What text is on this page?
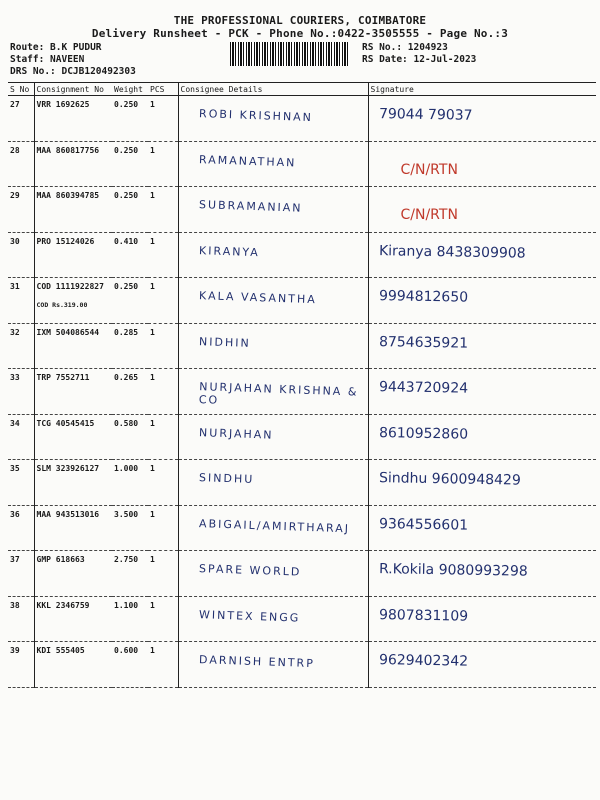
THE PROFESSIONAL COURIERS, COIMBATORE
Delivery Runsheet - PCK - Phone No.:0422-3505555 - Page No.:3
Route: B.K PUDUR
Staff: NAVEEN
DRS No.: DCJB120492303
RS No.: 1204923
RS Date: 12-Jul-2023
S No	Consignment No	Weight	PCS	Consignee Details	Signature
27	VRR 1692625	0.250	1	ROBI KRISHNAN	79044 79037

28	MAA 860817756	0.250	1	RAMANATHAN	C/N/RTN

29	MAA 860394785	0.250	1	SUBRAMANIAN	C/N/RTN

30	PRO 15124026	0.410	1	KIRANYA	Kiranya 8438309908

31	COD 1111922827
COD Rs.319.00	0.250	1	KALA VASANTHA	9994812650

32	IXM 504086544	0.285	1	NIDHIN	8754635921

33	TRP 7552711	0.265	1	NURJAHAN KRISHNA & CO	9443720924

34	TCG 40545415	0.580	1	NURJAHAN	8610952860

35	SLM 323926127	1.000	1	SINDHU	Sindhu 9600948429

36	MAA 943513016	3.500	1	ABIGAIL/AMIRTHARAJ	9364556601

37	GMP 618663	2.750	1	SPARE WORLD	R.Kokila 9080993298

38	KKL 2346759	1.100	1	WINTEX ENGG	9807831109

39	KDI 555405	0.600	1	DARNISH ENTRP	9629402342
